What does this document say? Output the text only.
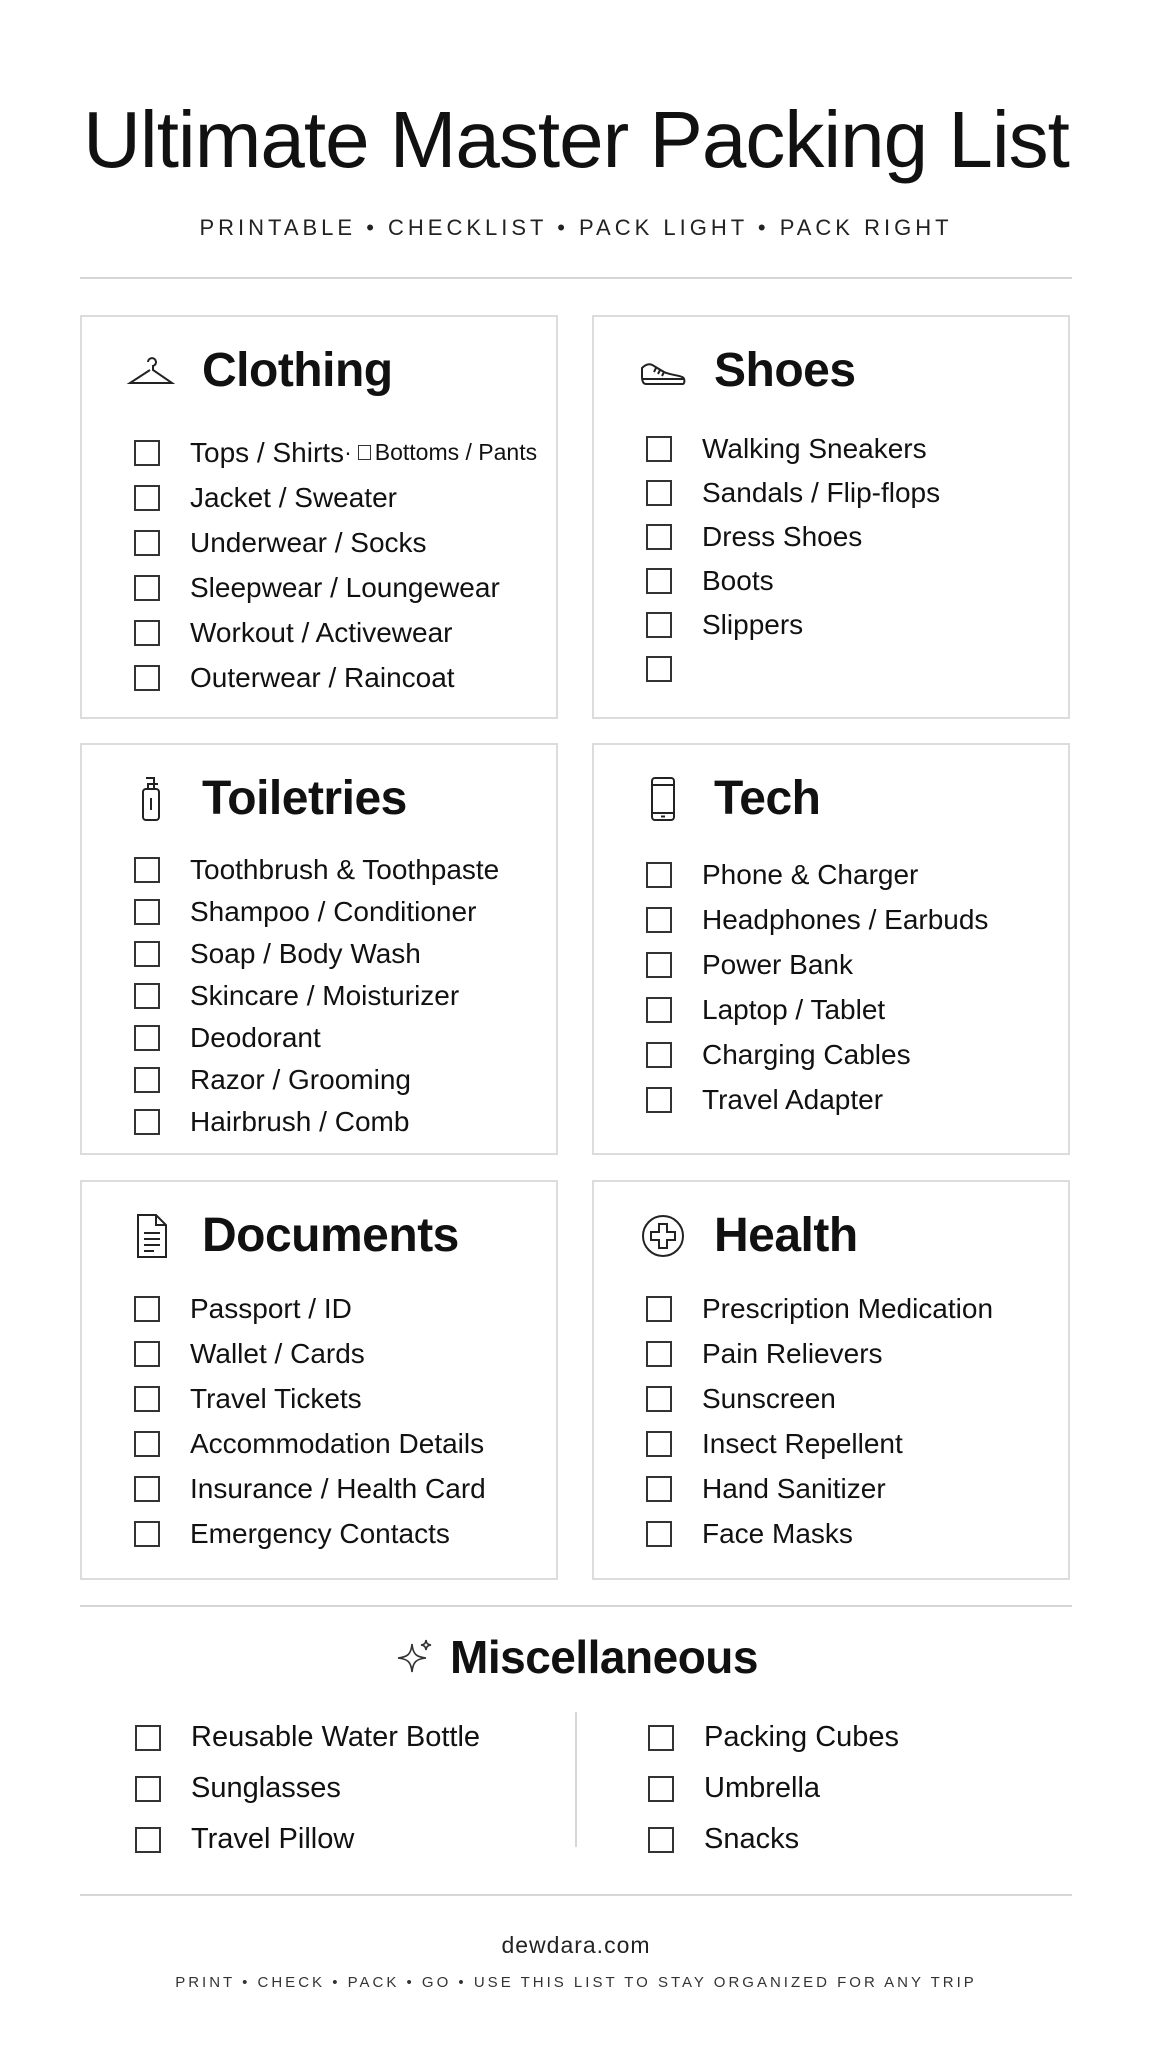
Ultimate Master Packing List
PRINTABLE • CHECKLIST • PACK LIGHT • PACK RIGHT
Clothing
Tops / Shirts · Bottoms / Pants
Jacket / Sweater
Underwear / Socks
Sleepwear / Loungewear
Workout / Activewear
Outerwear / Raincoat
Shoes
Walking Sneakers
Sandals / Flip-flops
Dress Shoes
Boots
Slippers
Toiletries
Toothbrush & Toothpaste
Shampoo / Conditioner
Soap / Body Wash
Skincare / Moisturizer
Deodorant
Razor / Grooming
Hairbrush / Comb
Tech
Phone & Charger
Headphones / Earbuds
Power Bank
Laptop / Tablet
Charging Cables
Travel Adapter
Documents
Passport / ID
Wallet / Cards
Travel Tickets
Accommodation Details
Insurance / Health Card
Emergency Contacts
Health
Prescription Medication
Pain Relievers
Sunscreen
Insect Repellent
Hand Sanitizer
Face Masks
Miscellaneous
Reusable Water Bottle
Sunglasses
Travel Pillow
Packing Cubes
Umbrella
Snacks
dewdara.com
PRINT • CHECK • PACK • GO • USE THIS LIST TO STAY ORGANIZED FOR ANY TRIP
